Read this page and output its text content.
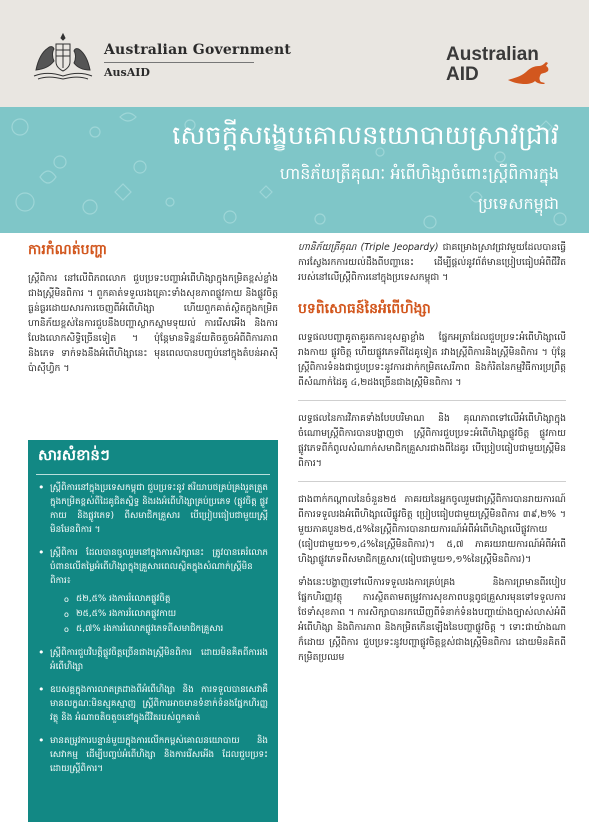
Australian Government
AusAID
Australian
AID
សេចក្តីសង្ខេបគោលនយោបាយស្រាវជ្រាវ
ហានិភ័យត្រីគុណៈ អំពើហិង្សាចំពោះស្ត្រីពិការក្នុង
ប្រទេសកម្ពុជា
ការកំណត់បញ្ហា
ស្ត្រីពិការ នៅលើពិភពលោក ជួបប្រទះបញ្ហាអំពើហិង្សាក្នុងកម្រិតខ្ពស់ខ្លាំងជាងស្ត្រីមិនពិការ ។ ពួកគាត់ទទួលរងគ្រោះទាំងសុខភាពផ្លូវកាយ និងផ្លូវចិត្តធ្ងន់ធ្ងរដោយសារការចេញពីអំពើហិង្សា ហើយពួកគាត់ស្ថិតក្នុងកម្រិត ហានិភ័យខ្ពស់នៃការជួបនឹងបញ្ហាស្លាកស្នាមទុយល់ ការរើសអើង និងការលែងលោកសិទ្ធិច្រើនទៀត ។ ប៉ុន្តែមានទិន្នន័យតិចតួចអំពីពិការភាព និងភេទ ទាក់ទងនឹងអំពើហិង្សានេះ មុនពេលបានបញ្ចប់នៅក្នុងតំបន់អាស៊ីប៉ាស៊ីហ្វិក ។
សារសំខាន់ៗ
• ស្ត្រីពិការនៅក្នុងប្រទេសកម្ពុជា ជួបប្រទះនូវ ឥរិយាបថគ្រប់គ្រងរួតត្រួតក្នុងកម្រិតខ្ពស់ពីដៃគូជិតស្និទ្ធ និងរងអំពើហិង្សាគ្រប់ប្រភេទ (ផ្លូវចិត្ត ផ្លូវកាយ និងផ្លូវភេទ) ពីសមាជិកគ្រួសារ បើប្រៀបធៀបជាមួយស្ត្រីមិនមែនពិការ ។
• ស្ត្រីពិការ ដែលបានចូលរួមនៅក្នុងការសិក្សានេះ ត្រូវបានគេរំលោភបំពានលើតម្លៃអំពើហិង្សាក្នុងគ្រួសារពេលស្ថិតក្នុងសំណាក់ស្ត្រីមិនពិការ៖
o ៥២,៥% រងការរំលោភផ្លូវចិត្ត
o ២៥,៥% រងការរំលោភផ្លូវកាយ
o ៥,៧% រងការរំលោភផ្លូវភេទពីសមាជិកគ្រួសារ
• ស្ត្រីពិការជួបវិបត្តិផ្លូវចិត្តច្រើនជាងស្ត្រីមិនពិការ ដោយមិនគិតពីការរងអំពើហិង្សា
• ឧបសគ្គក្នុងការលាតត្រដាងពីអំពើហិង្សា និង ការទទួលបានសេវាគឺមានលក្ខណៈមិនស្មុគស្មាញ ស្ត្រីពិការអាចមានទំនាក់ទំនងផ្នែកហិរញ្ញវត្ថុ និង អំណាចតិចតួចនៅក្នុងជីវិតរបស់ពួកគាត់
• មានតម្រូវការបន្ទាន់មួយក្នុងការលើកកម្ពស់គោលនយោបាយ និងសេវាកម្ម ដើម្បីបញ្ចប់អំពើហិង្សា និងការរើសអើង ដែលជួបប្រទះដោយស្ត្រីពិការ។
ហានិភ័យត្រីគុណ (Triple Jeopardy) ជាគម្រោងស្រាវជ្រាវមួយដែលបានធ្វើការស្វែងរកការយល់ដឹងពីបញ្ហានេះ ដើម្បីផ្តល់នូវព័ត៌មានប្រៀបធៀបអំពីជីវិតរបស់នៅលើស្ត្រីពិការនៅក្នុងប្រទេសកម្ពុជា ។
បទពិសោធន៍នៃអំពើហិង្សា
លទ្ធផលបញ្ហាគូតាគួរតការខុសគ្នាខ្លាំង ផ្នែកអត្រាដែលជួបប្រទះអំពើហិង្សាលើរាងកាយ ផ្លូវចិត្ត ហើយផ្លូវភេទពីដៃគូទៀត រវាងស្ត្រីពិការនិងស្ត្រីមិនពិការ ។ ប៉ុន្តែស្ត្រីពិការទំនងជាជួបប្រទះនូវការដាក់កម្រិតសេរីភាព និងកំរិតនៃកម្មវិធីការប្រព្រឹត្ត ពីសំណាក់ដៃគូ ៤,២ដងច្រើនជាងស្ត្រីមិនពិការ ។
លទ្ធផលនៃការវិភាគទាំងបែបបរិមាណ និង គុណភាពទៅលើអំពើហិង្សាក្នុងចំណោមស្ត្រីពិការបានបង្ហាញថា ស្ត្រីពិការជួបប្រទះអំពើហិង្សាផ្លូវចិត្ត ផ្លូវកាយ ផ្លូវភេទពីកំពូលសំណាក់សមាជិកគ្រួសារជាងពីដៃគូរ បើប្រៀបធៀបជាមួយស្ត្រីមិនពិការ។
ជាងពាក់កណ្តាលនៃចំនួន២៥ ភាគរយនៃអ្នកចូលរួមជាស្ត្រីពិការបានរាយការណ៍ ពីការទទួលរងអំពើហិង្សាលើផ្លូវចិត្ត ប្រៀបធៀបជាមួយស្ត្រីមិនពិការ ៣៩,២% ។ មួយភាគបួន២៥,៥%នៃស្ត្រីពិការបានរាយការណ៍អំពីអំពើហិង្សាលើផ្លូវកាយ (ធៀបជាមួយ១១,៤%នៃស្ត្រីមិនពិការ)។ ៥,៧ ភាគរយរាយការណ៍អំពីអំពើហិង្សាផ្លូវភេទពីសមាជិកគ្រួសារ(ធៀបជាមួយ១,១%នៃស្ត្រីមិនពិការ)។
ទាំងនេះបង្ហាញទៅលើការទទួលរងការគ្រប់គ្រង និងការព្រមានពីរបៀបផ្នែកហិរញ្ញវត្ថុ ការស្ថិតតាមតម្រូវការសុខភាពបន្តពូជគ្រួសារមុនទៅទទួលការថែទាំសុខភាព ។ ការសិក្សាបានរកឃើញពីទំនាក់ទំនងបញ្ហាយ៉ាងច្បាស់លាស់អំពីអំពើហិង្សា និងពិការភាព និងកម្រិតកើនឡើងនៃបញ្ហាផ្លូវចិត្ត ។ ទោះជាយ៉ាងណាក៏ដោយ ស្ត្រីពិការ ជួបប្រទះនូវបញ្ហាផ្លូវចិត្តខ្ពស់ជាងស្ត្រីមិនពិការ ដោយមិនគិតពីកម្រិតប្រឈម
